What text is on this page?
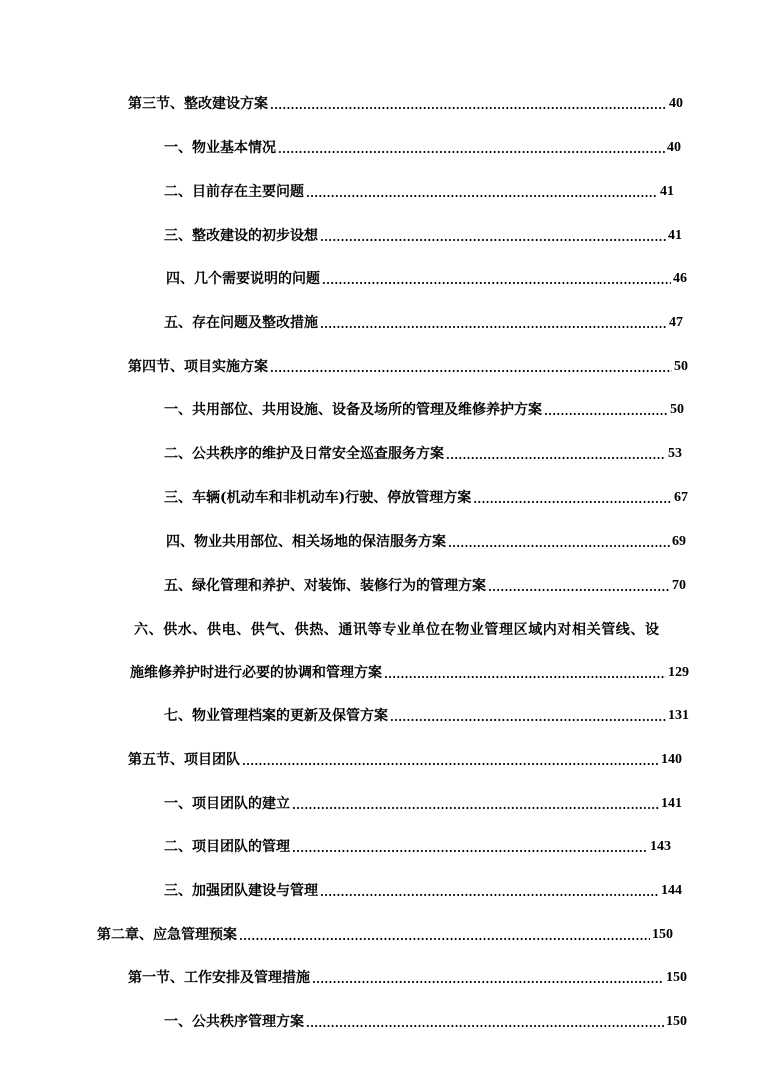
第三节、整改建设方案 .....	40
一、物业基本情况 .....	40
二、目前存在主要问题 .....	41
三、整改建设的初步设想 .....	41
四、几个需要说明的问题 .....	46
五、存在问题及整改措施 .....	47
第四节、项目实施方案 .....	50
一、共用部位、共用设施、设备及场所的管理及维修养护方案 .....	50
二、公共秩序的维护及日常安全巡查服务方案 .....	53
三、车辆(机动车和非机动车)行驶、停放管理方案 .....	67
四、物业共用部位、相关场地的保洁服务方案 .....	69
五、绿化管理和养护、对装饰、装修行为的管理方案 .....	70
六、供水、供电、供气、供热、通讯等专业单位在物业管理区域内对相关管线、设
施维修养护时进行必要的协调和管理方案 .....	129
七、物业管理档案的更新及保管方案 .....	131
第五节、项目团队 .....	140
一、项目团队的建立 .....	141
二、项目团队的管理 .....	143
三、加强团队建设与管理 .....	144
第二章、应急管理预案 .....	150
第一节、工作安排及管理措施 .....	150
一、公共秩序管理方案 .....	150
